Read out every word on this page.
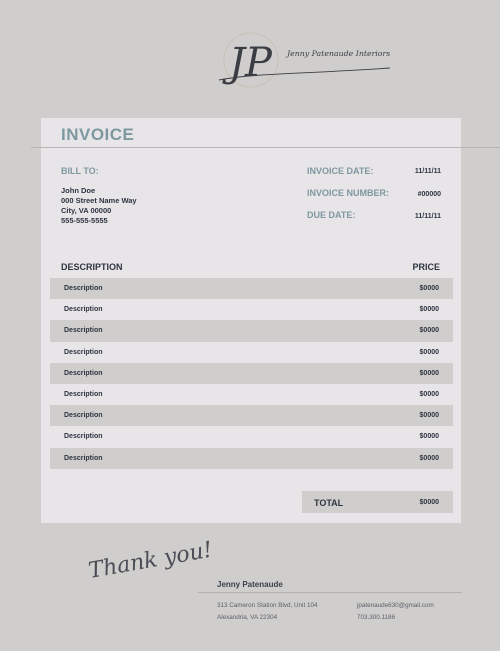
JP Jenny Patenaude Interiors
INVOICE
BILL TO:
John Doe
000 Street Name Way
City, VA 00000
555-555-5555
INVOICE DATE:	11/11/11
INVOICE NUMBER:	#00000
DUE DATE:	11/11/11
DESCRIPTION	PRICE
Description	$0000
Description	$0000
Description	$0000
Description	$0000
Description	$0000
Description	$0000
Description	$0000
Description	$0000
Description	$0000
TOTAL	$0000
Thank you!
Jenny Patenaude
313 Cameron Station Blvd, Unit 104
Alexandria, VA 22304
jpatenaude630@gmail.com
703.300.1186
